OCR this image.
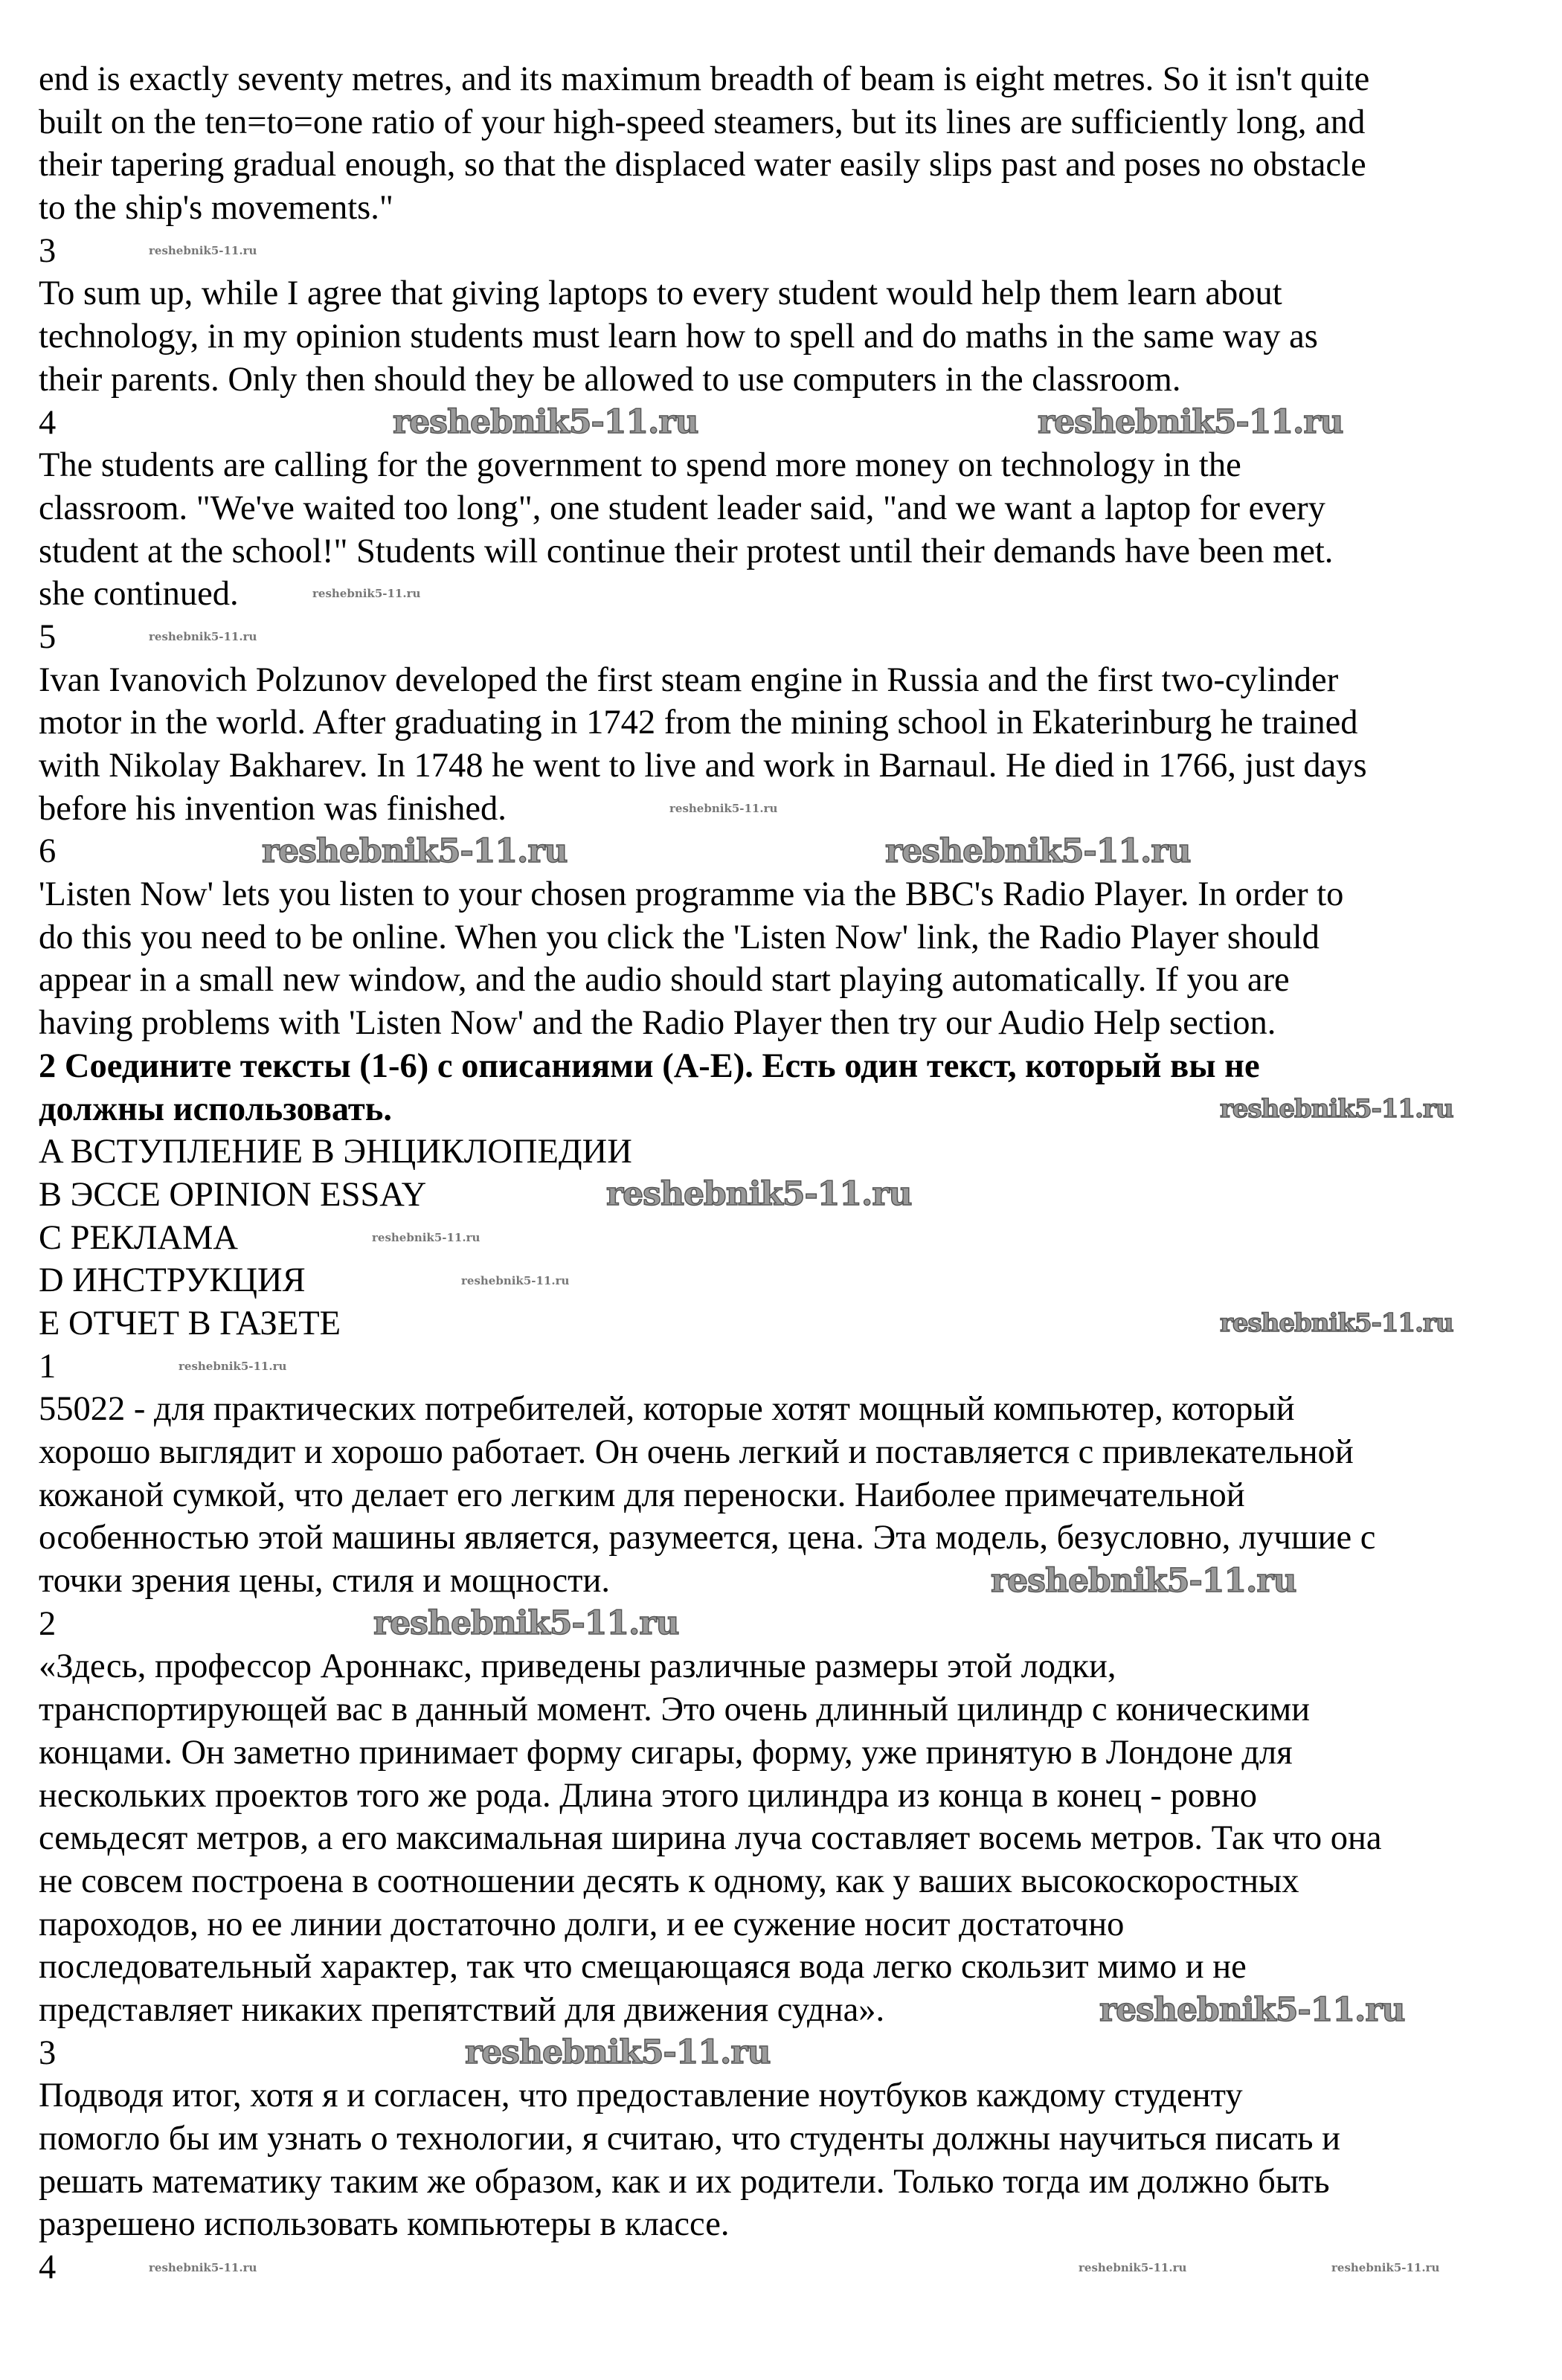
end is exactly seventy metres, and its maximum breadth of beam is eight metres. So it isn't quite
built on the ten=to=one ratio of your high-speed steamers, but its lines are sufficiently long, and
their tapering gradual enough, so that the displaced water easily slips past and poses no obstacle
to the ship's movements."
3
To sum up, while I agree that giving laptops to every student would help them learn about
technology, in my opinion students must learn how to spell and do maths in the same way as
their parents. Only then should they be allowed to use computers in the classroom.
4
The students are calling for the government to spend more money on technology in the
classroom. "We've waited too long", one student leader said, "and we want a laptop for every
student at the school!" Students will continue their protest until their demands have been met.
she continued.
5
Ivan Ivanovich Polzunov developed the first steam engine in Russia and the first two-cylinder
motor in the world. After graduating in 1742 from the mining school in Ekaterinburg he trained
with Nikolay Bakharev. In 1748 he went to live and work in Barnaul. He died in 1766, just days
before his invention was finished.
6
'Listen Now' lets you listen to your chosen programme via the BBC's Radio Player. In order to
do this you need to be online. When you click the 'Listen Now' link, the Radio Player should
appear in a small new window, and the audio should start playing automatically. If you are
having problems with 'Listen Now' and the Radio Player then try our Audio Help section.
2 Соедините тексты (1-6) с описаниями (A-E). Есть один текст, который вы не
должны использовать.
A ВСТУПЛЕНИЕ В ЭНЦИКЛОПЕДИИ
B ЭССЕ OPINION ESSAY
C РЕКЛАМА
D ИНСТРУКЦИЯ
E ОТЧЕТ В ГАЗЕТЕ
1
55022 - для практических потребителей, которые хотят мощный компьютер, который
хорошо выглядит и хорошо работает. Он очень легкий и поставляется с привлекательной
кожаной сумкой, что делает его легким для переноски. Наиболее примечательной
особенностью этой машины является, разумеется, цена. Эта модель, безусловно, лучшие с
точки зрения цены, стиля и мощности.
2
«Здесь, профессор Ароннакс, приведены различные размеры этой лодки,
транспортирующей вас в данный момент. Это очень длинный цилиндр с коническими
концами. Он заметно принимает форму сигары, форму, уже принятую в Лондоне для
нескольких проектов того же рода. Длина этого цилиндра из конца в конец - ровно
семьдесят метров, а его максимальная ширина луча составляет восемь метров. Так что она
не совсем построена в соотношении десять к одному, как у ваших высокоскоростных
пароходов, но ее линии достаточно долги, и ее сужение носит достаточно
последовательный характер, так что смещающаяся вода легко скользит мимо и не
представляет никаких препятствий для движения судна».
3
Подводя итог, хотя я и согласен, что предоставление ноутбуков каждому студенту
помогло бы им узнать о технологии, я считаю, что студенты должны научиться писать и
решать математику таким же образом, как и их родители. Только тогда им должно быть
разрешено использовать компьютеры в классе.
4
reshebnik5-11.ru	reshebnik5-11.ru
reshebnik5-11.ru	reshebnik5-11.ru
reshebnik5-11.ru
reshebnik5-11.ru
reshebnik5-11.ru
reshebnik5-11.ru
reshebnik5-11.ru
reshebnik5-11.ru
reshebnik5-11.ru
reshebnik5-11.ru
reshebnik5-11.ru
reshebnik5-11.ru
reshebnik5-11.ru
reshebnik5-11.ru
reshebnik5-11.ru
reshebnik5-11.ru
reshebnik5-11.ru	reshebnik5-11.ru	reshebnik5-11.ru
